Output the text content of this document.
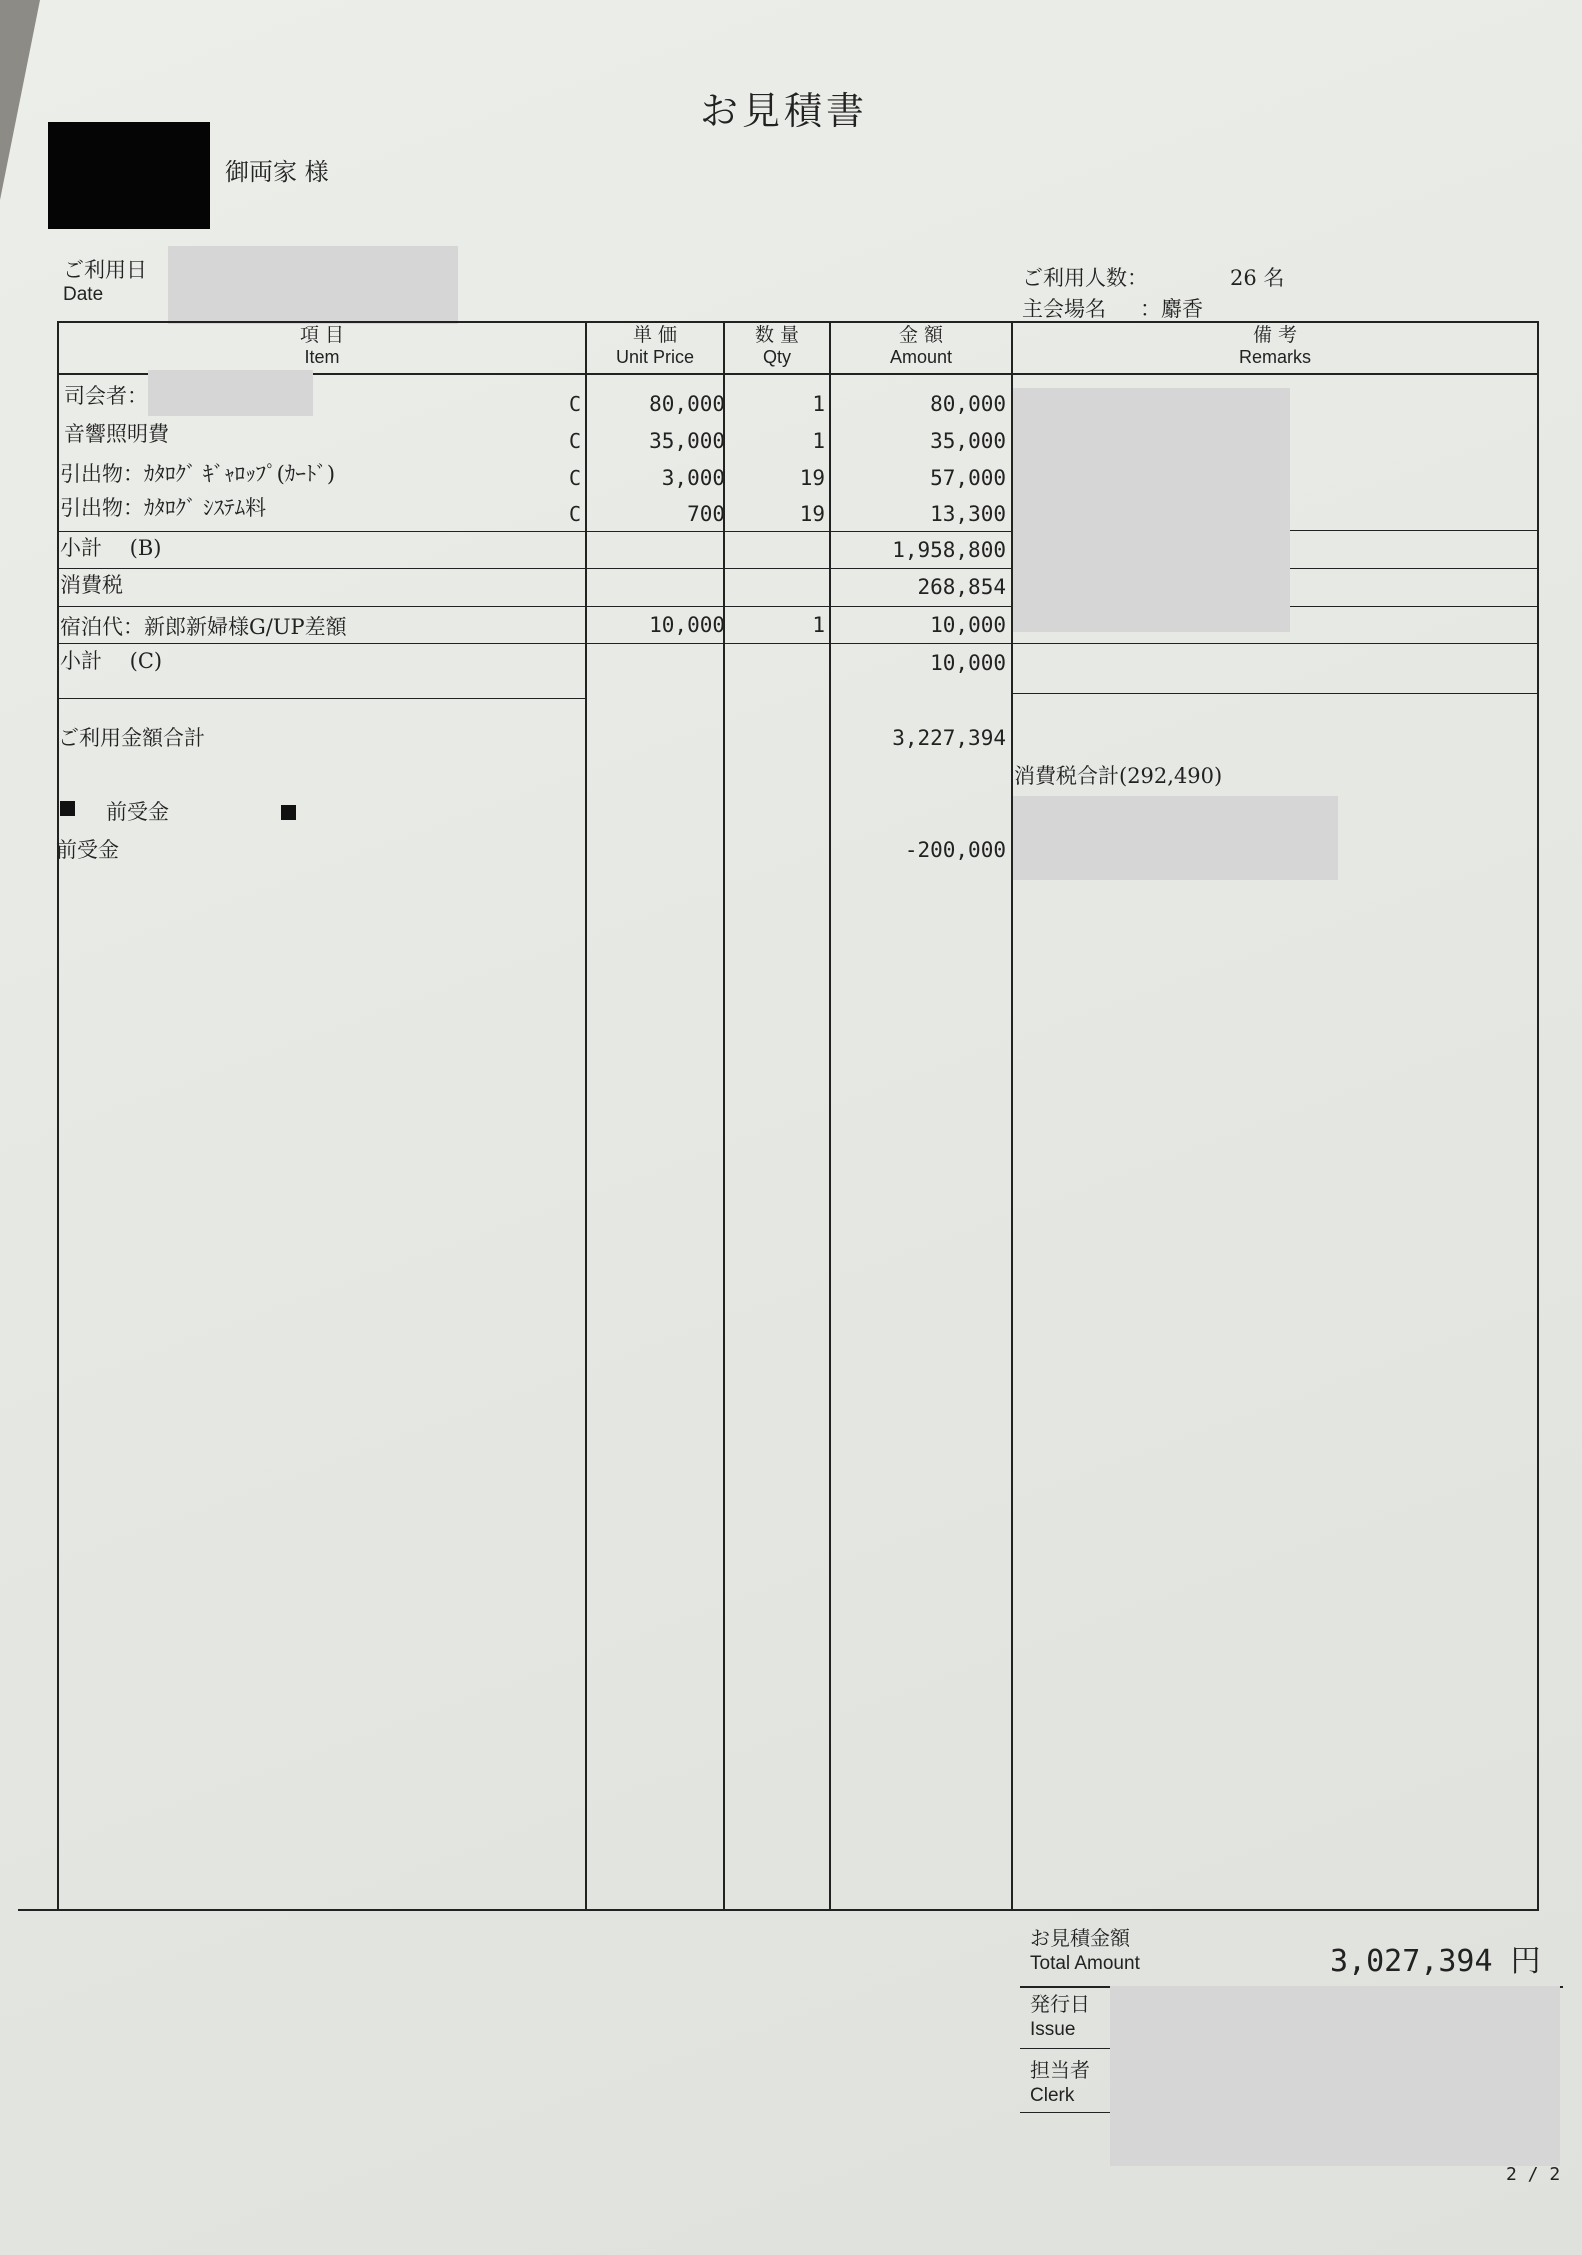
お見積書
御両家 様
ご利用日
Date
ご利用人数：	26 名
主会場名 ：麝香
項 目
Item
単 価
Unit Price
数 量
Qty
金 額
Amount
備 考
Remarks
司会者：	C	80,000	1	80,000
音響照明費	C	35,000	1	35,000
引出物：ｶﾀﾛｸﾞ ｷﾞｬﾛｯﾌﾟ(ｶｰﾄﾞ)	C	3,000	19	57,000
引出物：ｶﾀﾛｸﾞ ｼｽﾃﾑ料	C	700	19	13,300
小計　 (B)	1,958,800
消費税	268,854
宿泊代：新郎新婦様G/UP差額	10,000	1	10,000
小計　 (C)	10,000
ご利用金額合計	3,227,394
消費税合計(292,490)
前受金
前受金	-200,000
お見積金額
Total Amount	3,027,394 円
発行日
Issue
担当者
Clerk
2 / 2
